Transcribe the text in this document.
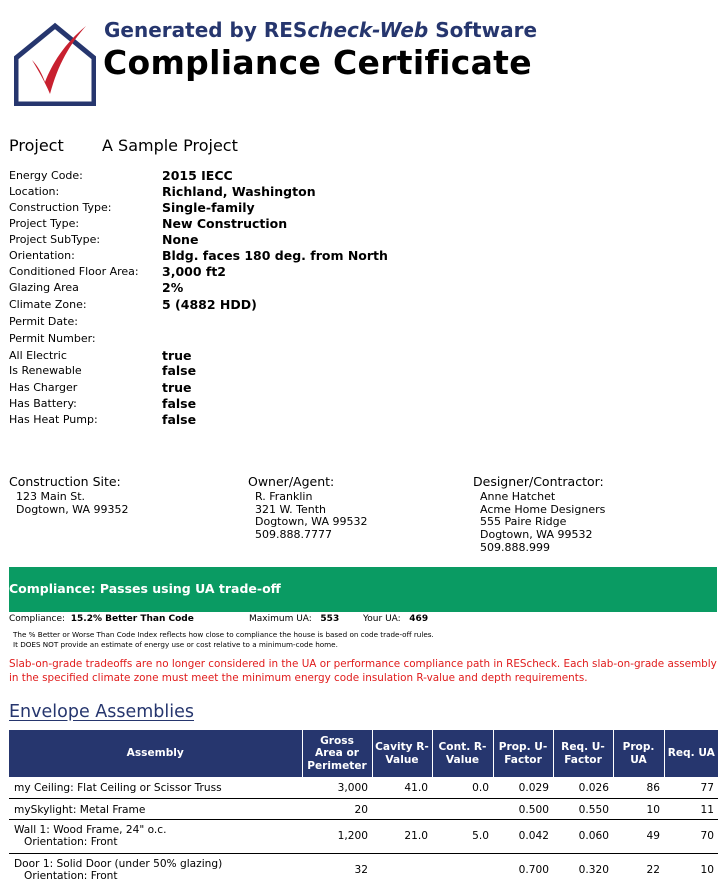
Generated by REScheck-Web Software
Compliance Certificate
Project A Sample Project
Energy Code:	2015 IECC
Location:	Richland, Washington
Construction Type:	Single-family
Project Type:	New Construction
Project SubType:	None
Orientation:	Bldg. faces 180 deg. from North
Conditioned Floor Area: 3,000 ft2
Glazing Area	2%
Climate Zone:	5 (4882 HDD)
Permit Date:
Permit Number:
All Electric	true
Is Renewable	false
Has Charger	true
Has Battery:	false
Has Heat Pump:	false
Construction Site:
123 Main St.
Dogtown, WA 99352
Owner/Agent:
R. Franklin
321 W. Tenth
Dogtown, WA 99532
509.888.7777
Designer/Contractor:
Anne Hatchet
Acme Home Designers
555 Paire Ridge
Dogtown, WA 99532
509.888.999
Compliance: Passes using UA trade-off
Compliance: 15.2% Better Than Code	Maximum UA: 553	Your UA: 469
The % Better or Worse Than Code Index reflects how close to compliance the house is based on code trade-off rules.
It DOES NOT provide an estimate of energy use or cost relative to a minimum-code home.
Slab-on-grade tradeoffs are no longer considered in the UA or performance compliance path in REScheck. Each slab-on-grade assembly in the specified climate zone must meet the minimum energy code insulation R-value and depth requirements.
Envelope Assemblies
Assembly	Gross Area or Perimeter	Cavity R-Value	Cont. R-Value	Prop. U-Factor	Req. U-Factor	Prop. UA	Req. UA

my Ceiling: Flat Ceiling or Scissor Truss	3,000	41.0	0.0	0.029	0.026	86	77

mySkylight: Metal Frame	20			0.500	0.550	10	11

Wall 1: Wood Frame, 24" o.c.
Orientation: Front	1,200	21.0	5.0	0.042	0.060	49	70

Door 1: Solid Door (under 50% glazing)
Orientation: Front	32			0.700	0.320	22	10
